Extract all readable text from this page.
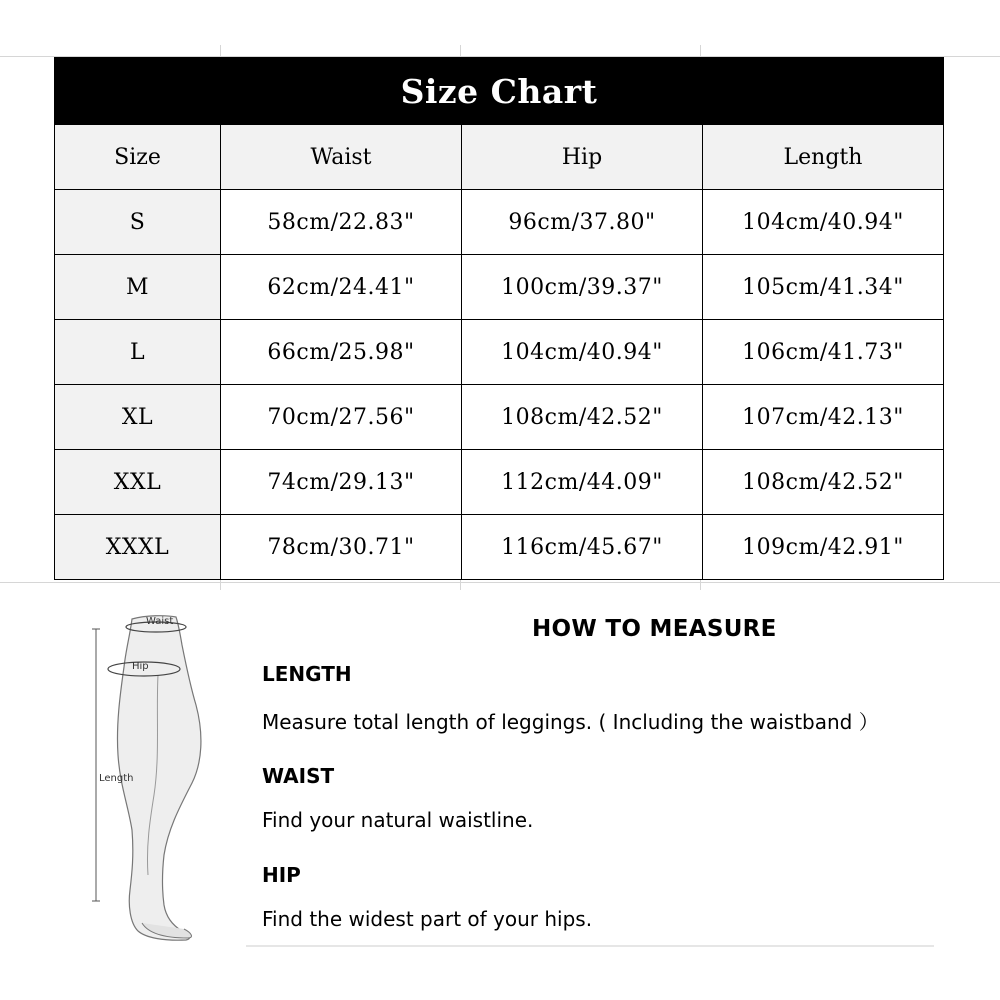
Size Chart			
Size	Waist	Hip	Length
S	58cm/22.83"	96cm/37.80"	104cm/40.94"
M	62cm/24.41"	100cm/39.37"	105cm/41.34"
L	66cm/25.98"	104cm/40.94"	106cm/41.73"
XL	70cm/27.56"	108cm/42.52"	107cm/42.13"
XXL	74cm/29.13"	112cm/44.09"	108cm/42.52"
XXXL	78cm/30.71"	116cm/45.67"	109cm/42.91"
Waist
Hip
Length
HOW TO MEASURE
LENGTH
Measure total length of leggings. ( Including the waistband ）
WAIST
Find your natural waistline.
HIP
Find the widest part of your hips.
